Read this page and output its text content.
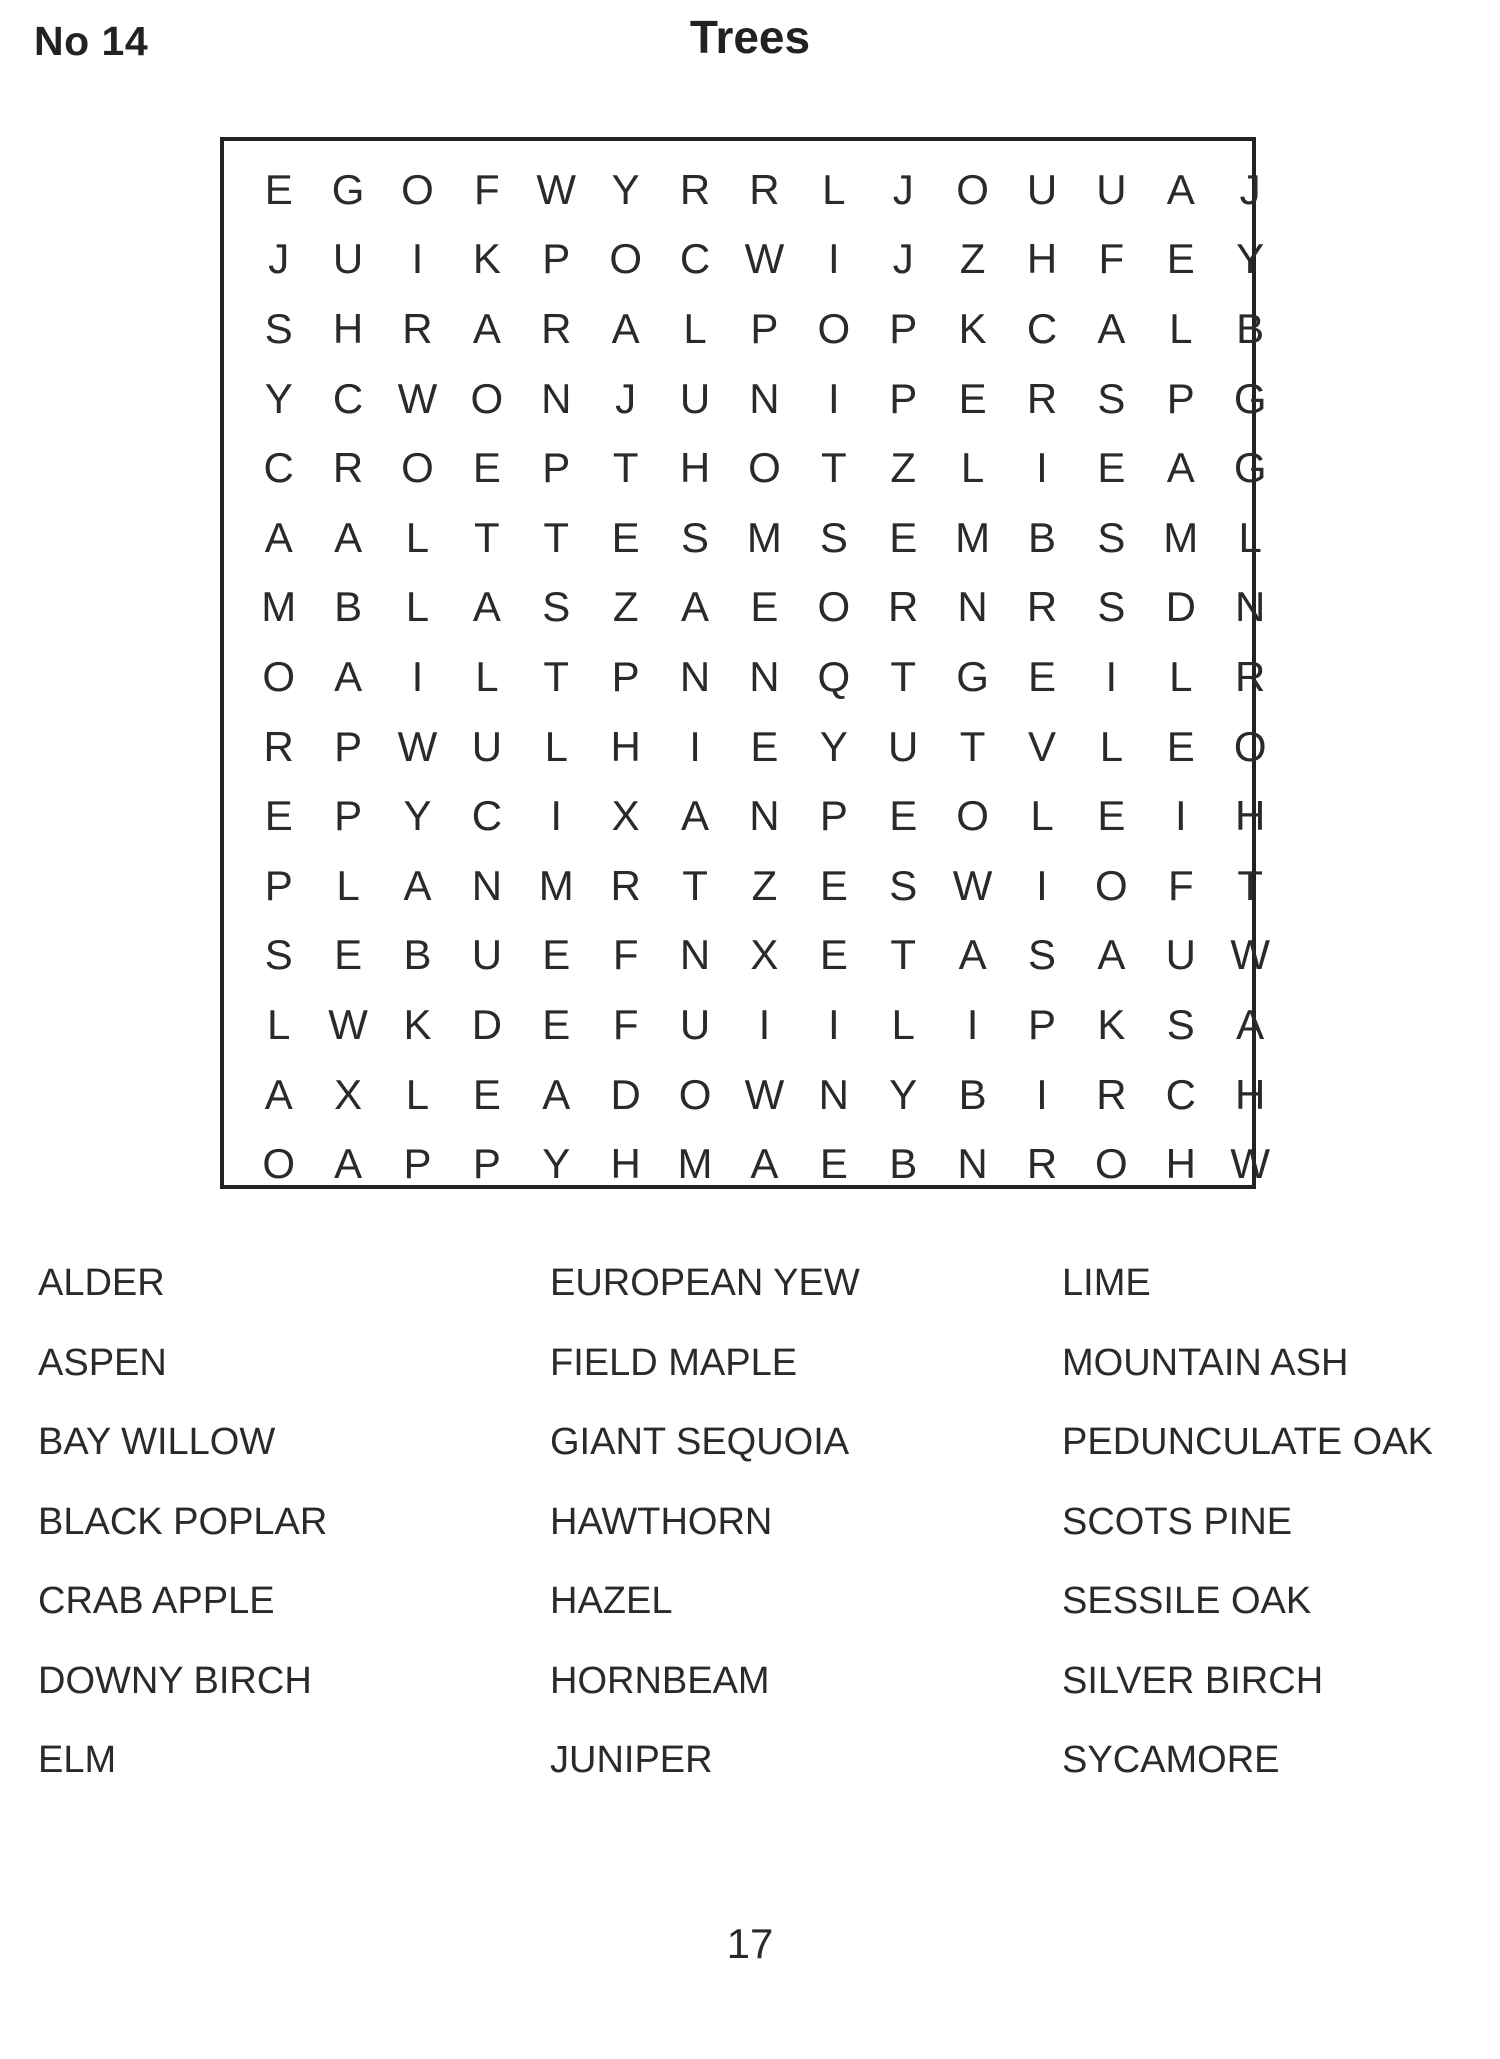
No 14	Trees
E G O F W Y R R	L	J	O U U A	J
J	U	I	K P O C W	I	J	Z H F	E Y
S H R A R A	L	P O P K C A	L	B
Y C W O N	J	U N	I	P E R S P G
C R O E P	T H O T	Z	L	I	E A G
A A	L	T	T	E S M S E M B S M L
M B	L	A S	Z	A E O R N R S D N
O A	I	L	T	P N N Q T G E	I	L	R
R P W U	L	H	I	E Y U T	V	L	E O
E P Y C	I	X A N P E O L	E	I	H
P	L	A N M R T	Z	E S W	I	O F	T
S E B U E	F N X E	T	A S A U W
L W K D E	F U	I	I	L	I	P K S A
A X	L	E A D O W N Y B	I	R C H
O A P P Y H M A E B N R O H W
ALDER
ASPEN
BAY WILLOW
BLACK POPLAR
CRAB APPLE
DOWNY BIRCH
ELM
EUROPEAN YEW
FIELD MAPLE
GIANT SEQUOIA
HAWTHORN
HAZEL
HORNBEAM
JUNIPER
LIME
MOUNTAIN ASH
PEDUNCULATE OAK
SCOTS PINE
SESSILE OAK
SILVER BIRCH
SYCAMORE
17
